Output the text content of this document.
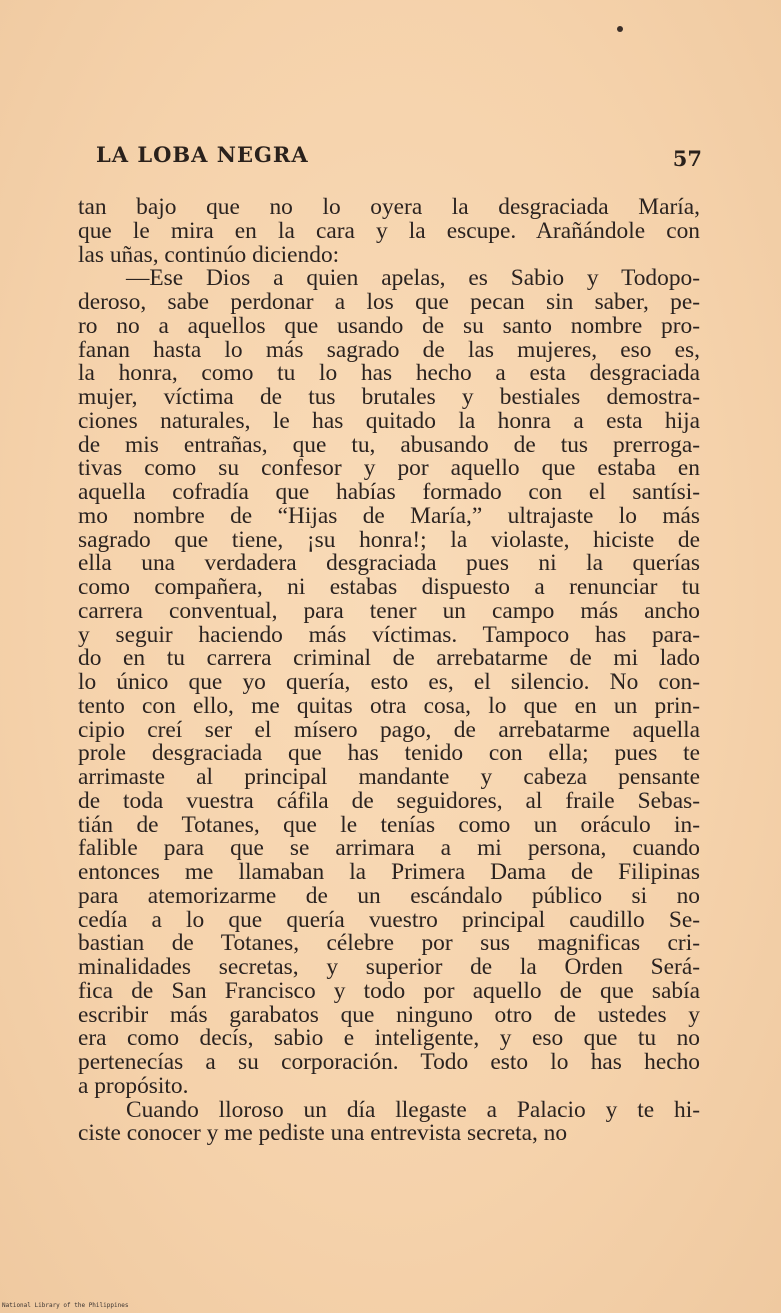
LA LOBA NEGRA	57
tan bajo que no lo oyera la desgraciada María,
que le mira en la cara y la escupe. Arañándole con
las uñas, continúo diciendo:
—Ese Dios a quien apelas, es Sabio y Todopo-
deroso, sabe perdonar a los que pecan sin saber, pe-
ro no a aquellos que usando de su santo nombre pro-
fanan hasta lo más sagrado de las mujeres, eso es,
la honra, como tu lo has hecho a esta desgraciada
mujer, víctima de tus brutales y bestiales demostra-
ciones naturales, le has quitado la honra a esta hija
de mis entrañas, que tu, abusando de tus prerroga-
tivas como su confesor y por aquello que estaba en
aquella cofradía que habías formado con el santísi-
mo nombre de “Hijas de María,” ultrajaste lo más
sagrado que tiene, ¡su honra!; la violaste, hiciste de
ella una verdadera desgraciada pues ni la querías
como compañera, ni estabas dispuesto a renunciar tu
carrera conventual, para tener un campo más ancho
y seguir haciendo más víctimas. Tampoco has para-
do en tu carrera criminal de arrebatarme de mi lado
lo único que yo quería, esto es, el silencio. No con-
tento con ello, me quitas otra cosa, lo que en un prin-
cipio creí ser el mísero pago, de arrebatarme aquella
prole desgraciada que has tenido con ella; pues te
arrimaste al principal mandante y cabeza pensante
de toda vuestra cáfila de seguidores, al fraile Sebas-
tián de Totanes, que le tenías como un oráculo in-
falible para que se arrimara a mi persona, cuando
entonces me llamaban la Primera Dama de Filipinas
para atemorizarme de un escándalo público si no
cedía a lo que quería vuestro principal caudillo Se-
bastian de Totanes, célebre por sus magnificas cri-
minalidades secretas, y superior de la Orden Será-
fica de San Francisco y todo por aquello de que sabía
escribir más garabatos que ninguno otro de ustedes y
era como decís, sabio e inteligente, y eso que tu no
pertenecías a su corporación. Todo esto lo has hecho
a propósito.
Cuando lloroso un día llegaste a Palacio y te hi-
ciste conocer y me pediste una entrevista secreta, no
National Library of the Philippines
